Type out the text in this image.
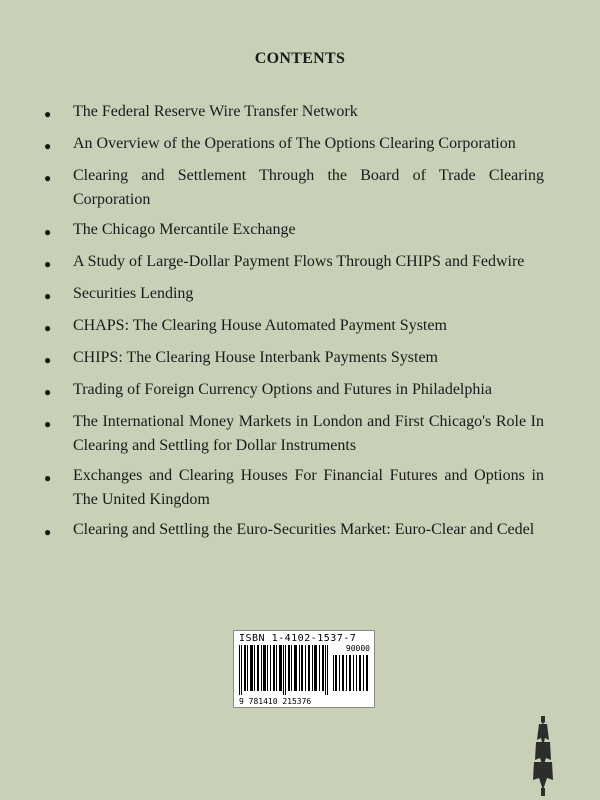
CONTENTS
●	The Federal Reserve Wire Transfer Network
●	An Overview of the Operations of The Options Clearing Corporation
●	Clearing and Settlement Through the Board of Trade Clearing Corporation
●	The Chicago Mercantile Exchange
●	A Study of Large-Dollar Payment Flows Through CHIPS and Fedwire
●	Securities Lending
●	CHAPS: The Clearing House Automated Payment System
●	CHIPS: The Clearing House Interbank Payments System
●	Trading of Foreign Currency Options and Futures in Philadelphia
●	The International Money Markets in London and First Chicago's Role In Clearing and Settling for Dollar Instruments
●	Exchanges and Clearing Houses For Financial Futures and Options in The United Kingdom
●	Clearing and Settling the Euro-Securities Market: Euro-Clear and Cedel
ISBN 1-4102-1537-7
90000
9 781410 215376
